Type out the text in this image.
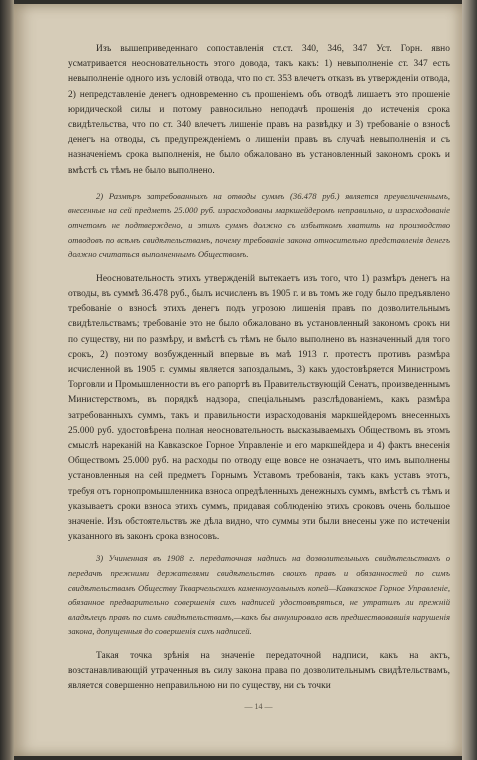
Изъ вышеприведеннаго сопоставленія ст.ст. 340, 346, 347 Уст. Горн. явно усматривается неосновательность этого довода, такъ какъ: 1) невыполненіе ст. 347 есть невыполненіе одного изъ условій отвода, что по ст. 353 влечетъ отказъ въ утвержденіи отвода, 2) непредставленіе денегъ одновременно съ прошеніемъ объ отводѣ лишаетъ это прошеніе юридической силы и потому равносильно неподачѣ прошенія до истеченія срока свидѣтельства, что по ст. 340 влечетъ лишеніе правъ на развѣдку и 3) требованіе о взносѣ денегъ на отводы, съ предупрежденіемъ о лишеніи правъ въ случаѣ невыполненія и съ назначеніемъ срока выполненія, не было обжаловано въ установленный закономъ срокъ и вмѣстѣ съ тѣмъ не было выполнено.

2) Размѣръ затребованныхъ на отводы суммъ (36.478 руб.) является преувеличеннымъ, внесенные на сей предметъ 25.000 руб. израсходованы маркшейдеромъ неправильно, и израсходованіе отчетомъ не подтверждено, и этихъ суммъ должно съ избыткомъ хватить на производство отводовъ по всѣмъ свидѣтельствамъ, почему требованіе закона относительно представленія денегъ должно считаться выполненнымъ Обществомъ.

Неосновательность этихъ утвержденій вытекаетъ изъ того, что 1) размѣръ денегъ на отводы, въ суммѣ 36.478 руб., былъ исчисленъ въ 1905 г. и въ томъ же году было предъявлено требованіе о взносѣ этихъ денегъ подъ угрозою лишенія правъ по дозволительнымъ свидѣтельствамъ; требованіе это не было обжаловано въ установленный закономъ срокъ ни по существу, ни по размѣру, и вмѣстѣ съ тѣмъ не было выполнено въ назначенный для того срокъ, 2) поэтому возбужденный впервые въ маѣ 1913 г. протестъ противъ размѣра исчисленной въ 1905 г. суммы является запоздалымъ, 3) какъ удостовѣряется Министромъ Торговли и Промышленности въ его рапортѣ въ Правительствующій Сенатъ, произведеннымъ Министерствомъ, въ порядкѣ надзора, спеціальнымъ разслѣдованіемъ, какъ размѣра затребованныхъ суммъ, такъ и правильности израсходованія маркшейдеромъ внесенныхъ 25.000 руб. удостовѣрена полная неосновательность высказываемыхъ Обществомъ въ этомъ смыслѣ нареканій на Кавказское Горное Управленіе и его маркшейдера и 4) фактъ внесенія Обществомъ 25.000 руб. на расходы по отводу еще вовсе не означаетъ, что имъ выполнены установленныя на сей предметъ Горнымъ Уставомъ требованія, такъ какъ уставъ этотъ, требуя отъ горнопромышленника взноса опредѣленныхъ денежныхъ суммъ, вмѣстѣ съ тѣмъ и указываетъ сроки взноса этихъ суммъ, придавая соблюденію этихъ сроковъ очень большое значеніе. Изъ обстоятельствъ же дѣла видно, что суммы эти были внесены уже по истеченіи указанного въ законъ срока взносовъ.

3) Учиненная въ 1908 г. передаточная надпись на дозволительныхъ свидѣтельствахъ о передачѣ прежними держателями свидѣтельствъ своихъ правъ и обязанностей по симъ свидѣтельствамъ Обществу Ткварчельскихъ каменноугольныхъ копей—Кавказское Горное Управленіе, обязанное предварительно совершенія сихъ надписей удостовѣряться, не утратилъ ли прежній владѣлецъ правъ по симъ свидѣтельствамъ,—какъ бы аннулировало всѣ предшествовавшія нарушенія закона, допущенныя до совершенія сихъ надписей.

Такая точка зрѣнія на значеніе передаточной надписи, какъ на актъ, возстанавливающій утраченныя въ силу закона права по дозволительнымъ свидѣтельствамъ, является совершенно неправильною ни по существу, ни съ точки

— 14 —
